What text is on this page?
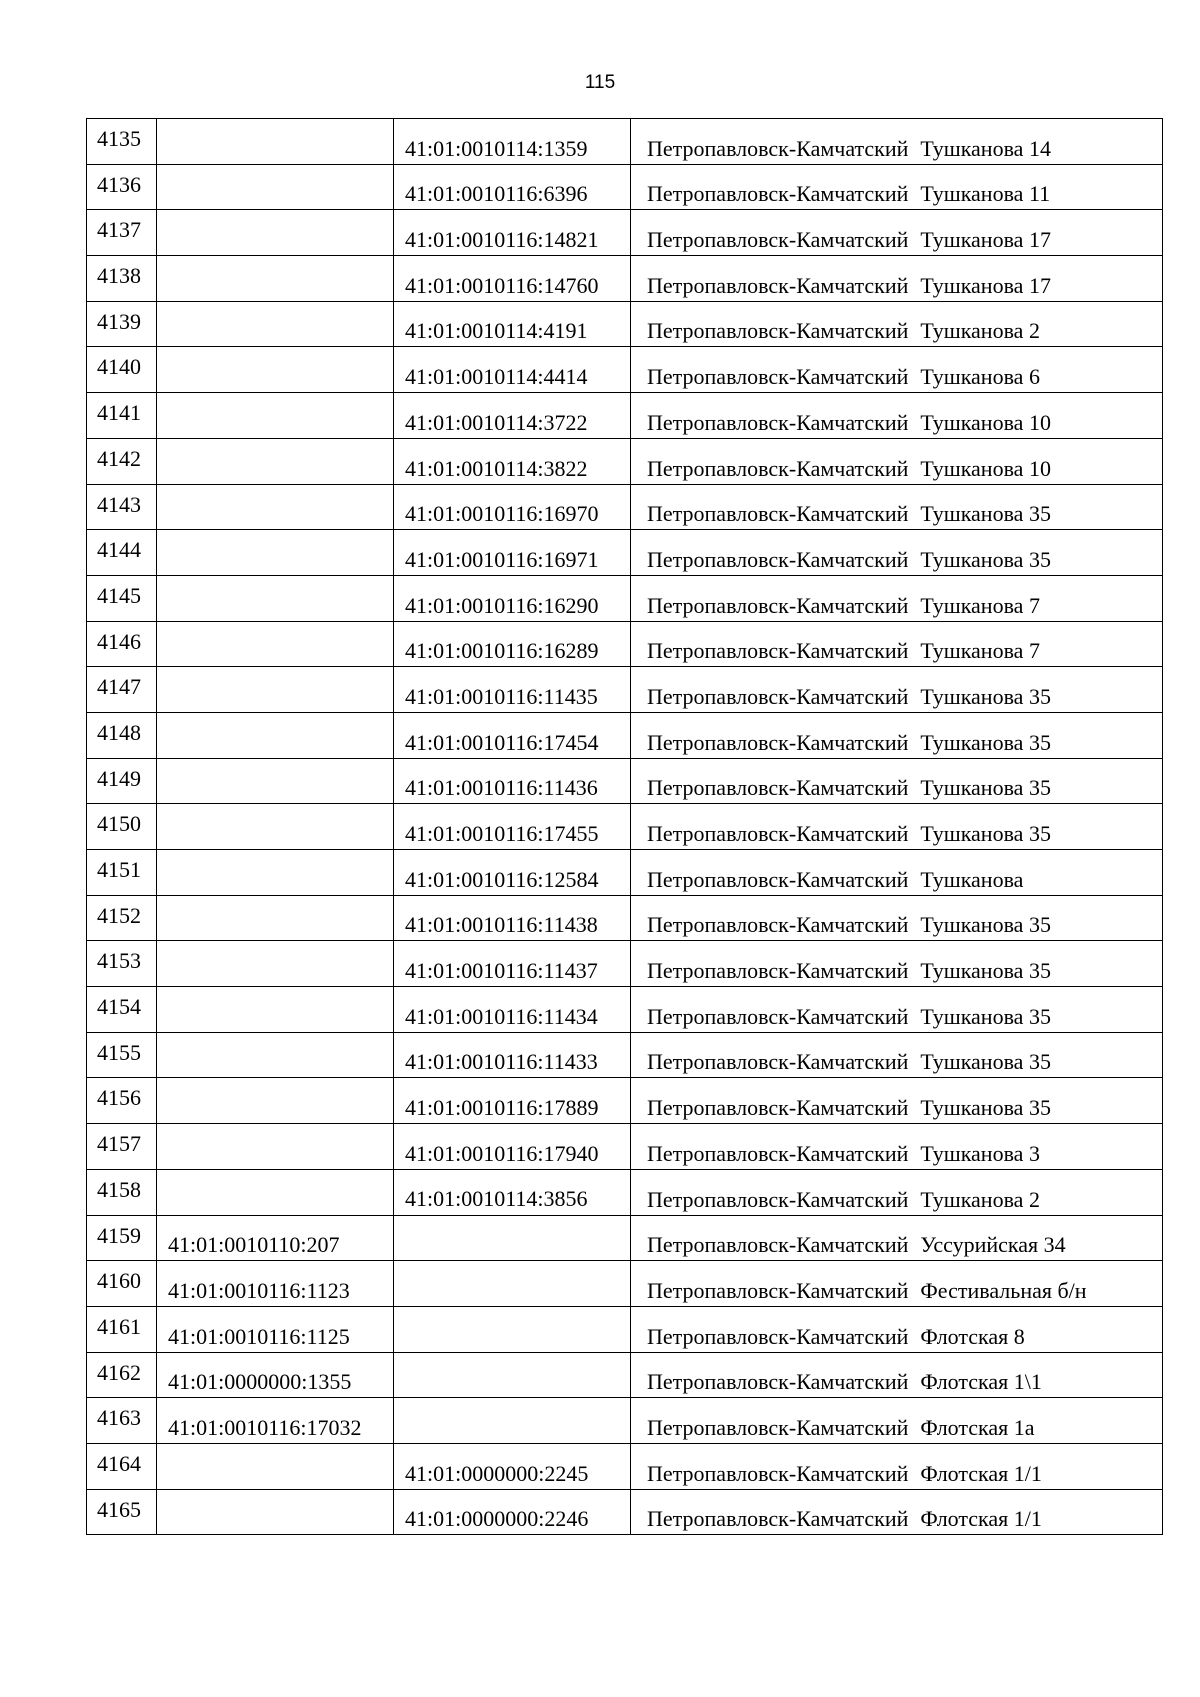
115
4135		41:01:0010114:1359	Петропавловск-Камчатский Тушканова 14
4136		41:01:0010116:6396	Петропавловск-Камчатский Тушканова 11
4137		41:01:0010116:14821	Петропавловск-Камчатский Тушканова 17
4138		41:01:0010116:14760	Петропавловск-Камчатский Тушканова 17
4139		41:01:0010114:4191	Петропавловск-Камчатский Тушканова 2
4140		41:01:0010114:4414	Петропавловск-Камчатский Тушканова 6
4141		41:01:0010114:3722	Петропавловск-Камчатский Тушканова 10
4142		41:01:0010114:3822	Петропавловск-Камчатский Тушканова 10
4143		41:01:0010116:16970	Петропавловск-Камчатский Тушканова 35
4144		41:01:0010116:16971	Петропавловск-Камчатский Тушканова 35
4145		41:01:0010116:16290	Петропавловск-Камчатский Тушканова 7
4146		41:01:0010116:16289	Петропавловск-Камчатский Тушканова 7
4147		41:01:0010116:11435	Петропавловск-Камчатский Тушканова 35
4148		41:01:0010116:17454	Петропавловск-Камчатский Тушканова 35
4149		41:01:0010116:11436	Петропавловск-Камчатский Тушканова 35
4150		41:01:0010116:17455	Петропавловск-Камчатский Тушканова 35
4151		41:01:0010116:12584	Петропавловск-Камчатский Тушканова
4152		41:01:0010116:11438	Петропавловск-Камчатский Тушканова 35
4153		41:01:0010116:11437	Петропавловск-Камчатский Тушканова 35
4154		41:01:0010116:11434	Петропавловск-Камчатский Тушканова 35
4155		41:01:0010116:11433	Петропавловск-Камчатский Тушканова 35
4156		41:01:0010116:17889	Петропавловск-Камчатский Тушканова 35
4157		41:01:0010116:17940	Петропавловск-Камчатский Тушканова 3
4158		41:01:0010114:3856	Петропавловск-Камчатский Тушканова 2
4159	41:01:0010110:207		Петропавловск-Камчатский Уссурийская 34
4160	41:01:0010116:1123		Петропавловск-Камчатский Фестивальная б/н
4161	41:01:0010116:1125		Петропавловск-Камчатский Флотская 8
4162	41:01:0000000:1355		Петропавловск-Камчатский Флотская 1\1
4163	41:01:0010116:17032		Петропавловск-Камчатский Флотская 1а
4164		41:01:0000000:2245	Петропавловск-Камчатский Флотская 1/1
4165		41:01:0000000:2246	Петропавловск-Камчатский Флотская 1/1
